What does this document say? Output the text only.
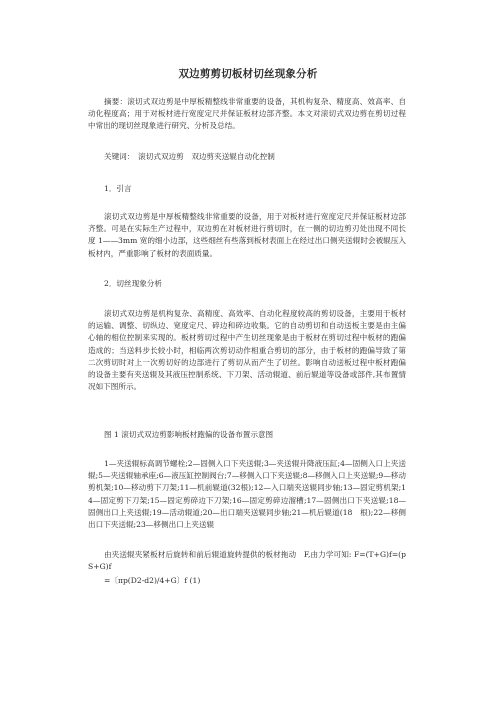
双边剪剪切板材切丝现象分析
摘要：滚切式双边剪是中厚板精整线非常重要的设备，其机构复杂、精度高、效高率、自动化程度高；用于对板材进行宽度定尺并保证板材边部齐整。本文对滚切式双边剪在剪切过程中常出的现切丝现象进行研究、分析及总结。
关键词：　滚切式双边剪　双边剪夹送辊自动化控制
1．引言
滚切式双边剪是中厚板精整线非常重要的设备，用于对板材进行宽度定尺并保证板材边部齐整。可是在实际生产过程中，双边剪在对板材进行剪切时，在一侧的切边剪刃处出现不同长度 1——3mm 宽的细小边部，这些细丝有些落到板材表面上在经过出口侧夹送辊时会被辊压入板材内，严重影响了板材的表面质量。
2．切丝现象分析
滚切式双边剪是机构复杂、高精度、高效率、自动化程度较高的剪切设备，主要用于板材的运输、调整、切纵边、宽度定尺、碎边和碎边收集。它的自动剪切和自动送板主要是由主偏心轴的相位控制来实现的。板材剪切过程中产生切丝现象是由于板材在剪切过程中板材的跑偏造成的；当送料步长较小时，相临两次剪切动作相重合剪切的部分，由于板材的跑偏导致了第二次剪切时对上一次剪切好的边部进行了剪切从而产生了切丝。影响自动送板过程中板材跑偏的设备主要有夹送辊及其液压控制系统、下刀架、活动辊道、前后辊道等设备或部件,其布置情况如下图所示。
图 1 滚切式双边剪影响板材跑偏的设备布置示意图
1—夹送辊标高调节螺栓;2—固侧入口下夹送辊;3—夹送辊升降液压缸;4—固侧入口上夹送辊;5—夹送辊轴承座;6—液压缸控制阀台;7—移侧入口下夹送辊;8—移侧入口上夹送辊;9—移动剪机架;10—移动剪下刀架;11—机前辊道(32根);12—入口端夹送辊同步轴;13—固定剪机架;14—固定剪下刀架;15—固定剪碎边下刀架;16—固定剪碎边溜槽;17—固侧出口下夹送辊;18—固侧出口上夹送辊;19—活动辊道;20—出口端夹送辊同步轴;21—机后辊道(18　根);22—移侧出口下夹送辊;23—移侧出口上夹送辊
由夹送辊夹紧板材后旋转和前后辊道旋转提供的板材拖动　F,由力学可知: F=(T+G)f=(pS+G)f
=〔πp(D2-d2)/4+G〕f (1)
